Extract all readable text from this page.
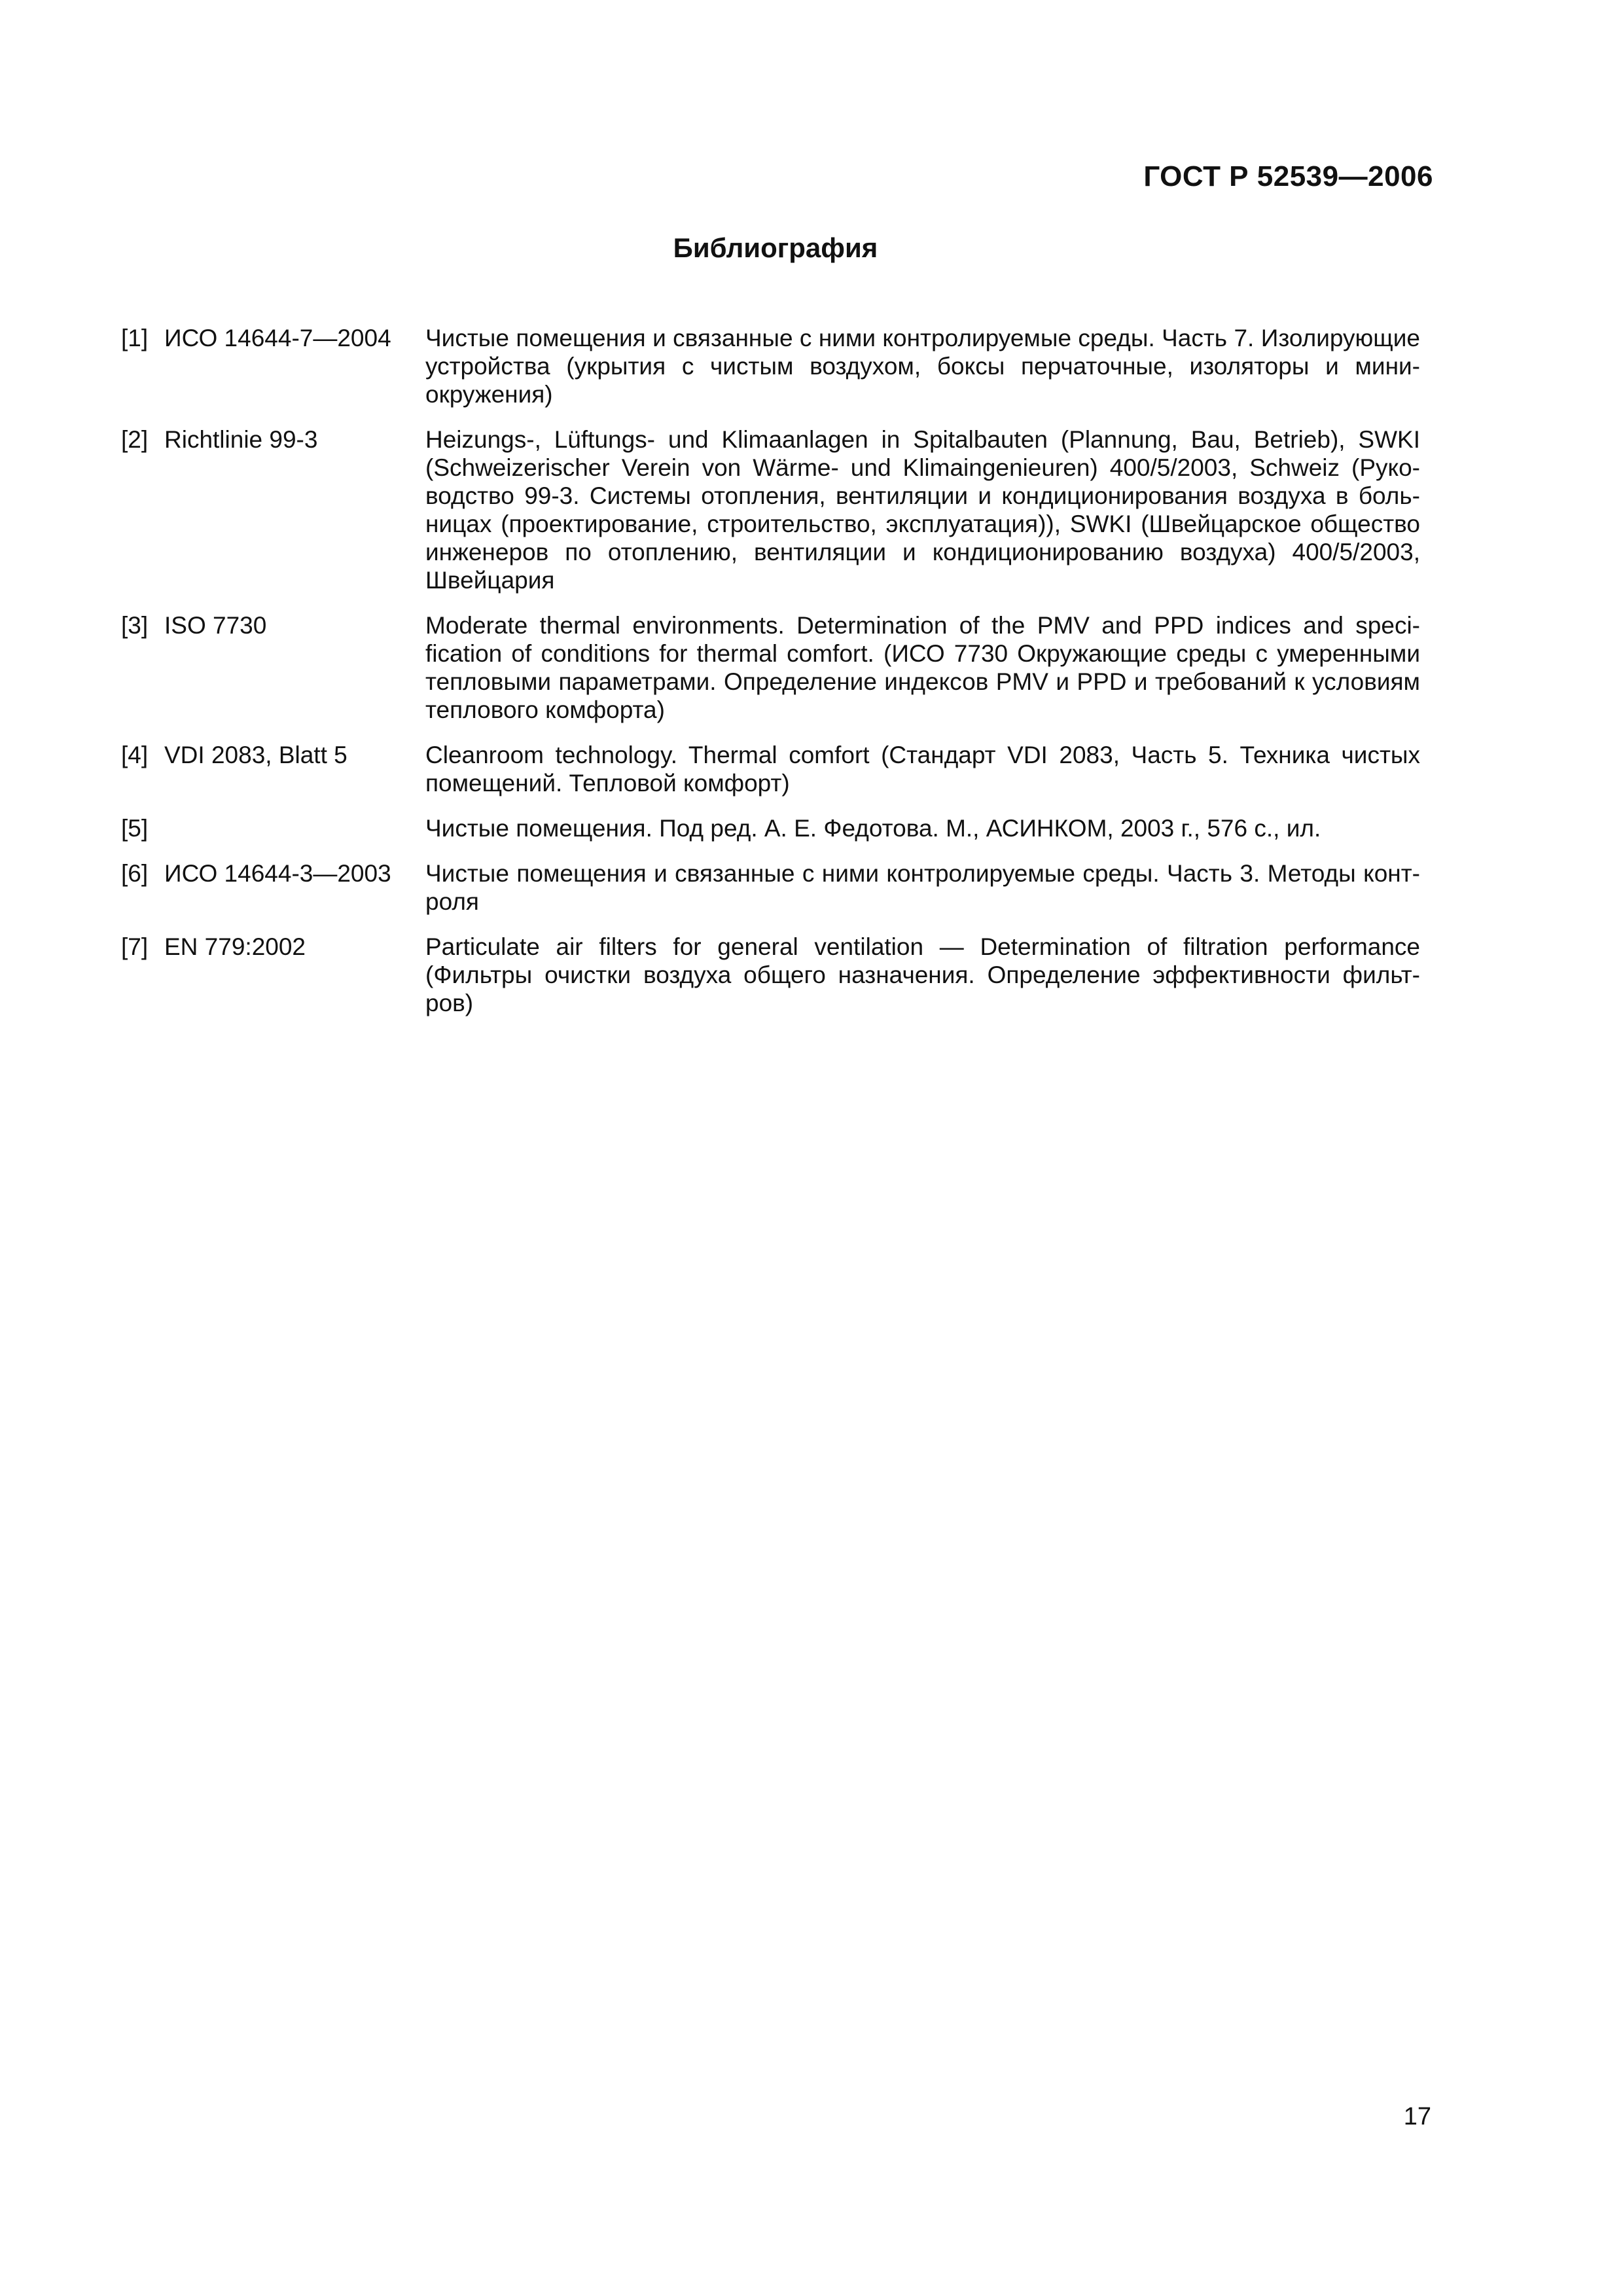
ГОСТ Р 52539—2006
Библиография
[1] ИСО 14644-7—2004	Чистые помещения и связанные с ними контролируемые среды. Часть 7. Изолирующие устройства (укрытия с чистым воздухом, боксы перчаточные, изоляторы и мини-окружения)
[2] Richtlinie 99-3	Heizungs-, Lüftungs- und Klimaanlagen in Spitalbauten (Plannung, Bau, Betrieb), SWKI (Schweizerischer Verein von Wärme- und Klimaingenieuren) 400/5/2003, Schweiz (Руко-водство 99-3. Системы отопления, вентиляции и кондиционирования воздуха в боль-ницах (проектирование, строительство, эксплуатация)), SWKI (Швейцарское общество инженеров по отоплению, вентиляции и кондиционированию воздуха) 400/5/2003, Швейцария
[3] ISO 7730	Moderate thermal environments. Determination of the PMV and PPD indices and speci-fication of conditions for thermal comfort. (ИСО 7730 Окружающие среды с умеренными тепловыми параметрами. Определение индексов PMV и PPD и требований к условиям теплового комфорта)
[4] VDI 2083, Blatt 5	Cleanroom technology. Thermal comfort (Стандарт VDI 2083, Часть 5. Техника чистых помещений. Тепловой комфорт)
[5]	Чистые помещения. Под ред. А. Е. Федотова. М., АСИНКОМ, 2003 г., 576 с., ил.
[6] ИСО 14644-3—2003	Чистые помещения и связанные с ними контролируемые среды. Часть 3. Методы конт-роля
[7] EN 779:2002	Particulate air filters for general ventilation — Determination of filtration performance (Фильтры очистки воздуха общего назначения. Определение эффективности фильт-ров)
17
